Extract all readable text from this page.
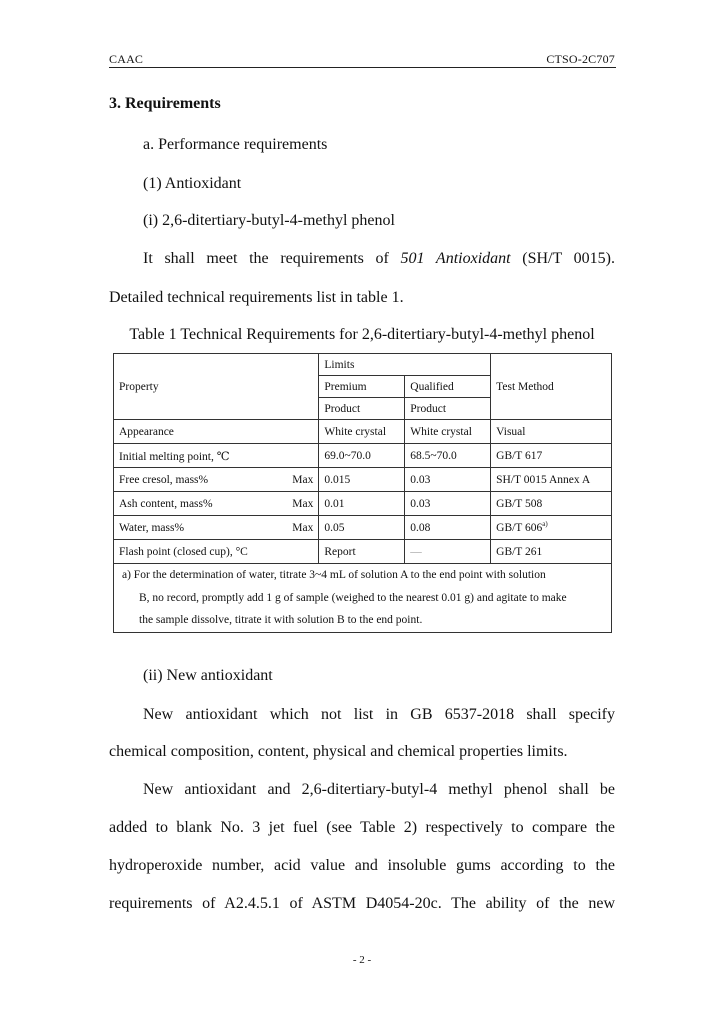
CAAC	CTSO-2C707
3. Requirements
a. Performance requirements
(1) Antioxidant
(i) 2,6-ditertiary-butyl-4-methyl phenol
It shall meet the requirements of 501 Antioxidant (SH/T 0015).
Detailed technical requirements list in table 1.
Table 1 Technical Requirements for 2,6-ditertiary-butyl-4-methyl phenol
Property	Limits		Test Method
	Premium	Qualified	
	Product	Product	

Appearance	White crystal	White crystal	Visual

Initial melting point, ℃	69.0~70.0	68.5~70.0	GB/T 617

Free cresol, mass% Max	0.015	0.03	SH/T 0015 Annex A

Ash content, mass% Max	0.01	0.03	GB/T 508

Water, mass% Max	0.05	0.08	GB/T 606$^{a)}$

Flash point (closed cup), °C	Report	—	GB/T 261
a) For the determination of water, titrate 3~4 mL of solution A to the end point with solution

B, no record, promptly add 1 g of sample (weighed to the nearest 0.01 g) and agitate to make
the sample dissolve, titrate it with solution B to the end point.			
(ii) New antioxidant
New antioxidant which not list in GB 6537-2018 shall specify
chemical composition, content, physical and chemical properties limits.
New antioxidant and 2,6-ditertiary-butyl-4 methyl phenol shall be
added to blank No. 3 jet fuel (see Table 2) respectively to compare the
hydroperoxide number, acid value and insoluble gums according to the
requirements of A2.4.5.1 of ASTM D4054-20c. The ability of the new
- 2 -
